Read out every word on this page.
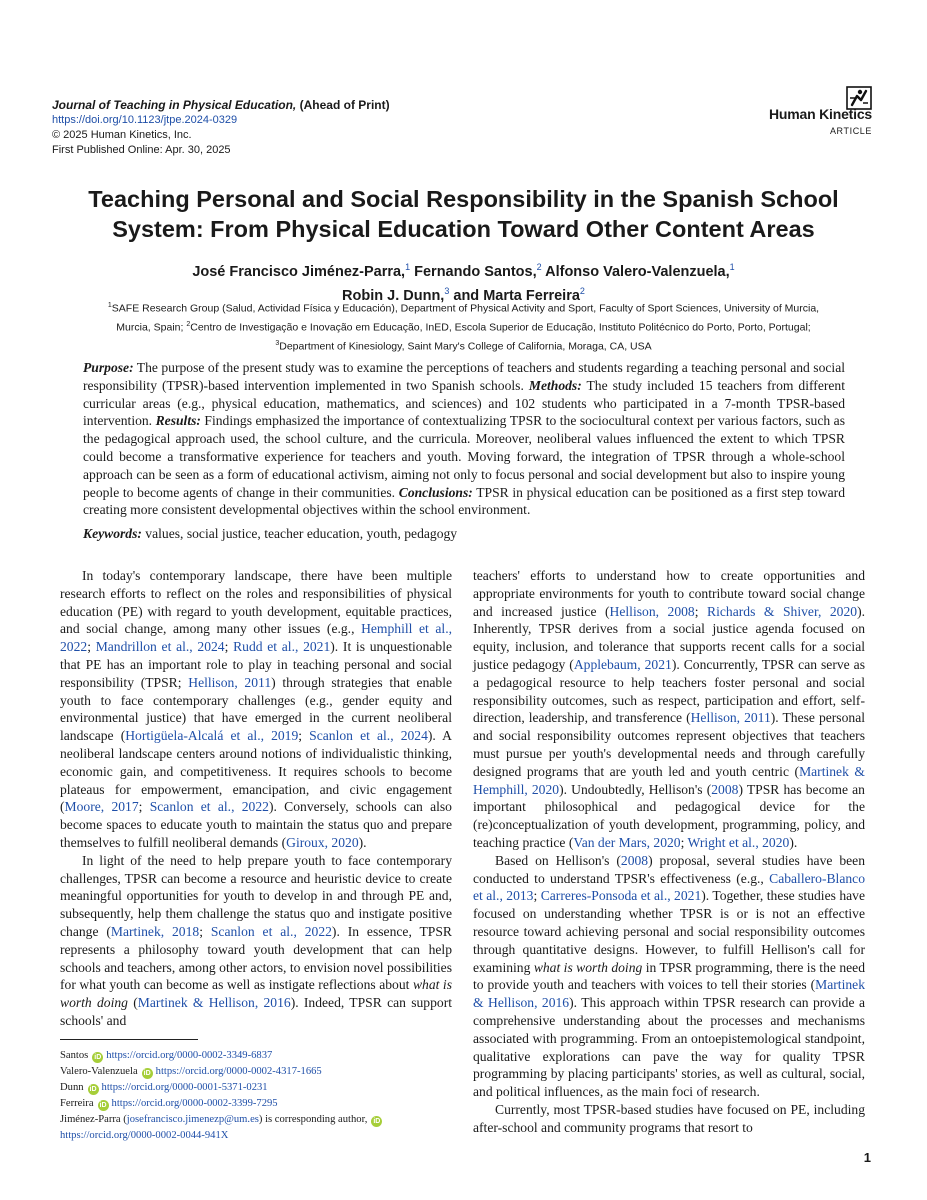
Journal of Teaching in Physical Education, (Ahead of Print)
https://doi.org/10.1123/jtpe.2024-0329
© 2025 Human Kinetics, Inc.
First Published Online: Apr. 30, 2025
Human Kinetics
ARTICLE
Teaching Personal and Social Responsibility in the Spanish School
System: From Physical Education Toward Other Content Areas
José Francisco Jiménez-Parra,$^1$ Fernando Santos,$^2$ Alfonso Valero-Valenzuela,$^1$
Robin J. Dunn,$^3$ and Marta Ferreira$^2$
$^1$SAFE Research Group (Salud, Actividad Física y Educación), Department of Physical Activity and Sport, Faculty of Sport Sciences, University of Murcia, Murcia, Spain; $^2$Centro de Investigação e Inovação em Educação, InED, Escola Superior de Educação, Instituto Politécnico do Porto, Porto, Portugal; $^3$Department of Kinesiology, Saint Mary's College of California, Moraga, CA, USA
Purpose: The purpose of the present study was to examine the perceptions of teachers and students regarding a teaching personal and social responsibility (TPSR)-based intervention implemented in two Spanish schools. Methods: The study included 15 teachers from different curricular areas (e.g., physical education, mathematics, and sciences) and 102 students who participated in a 7-month TPSR-based intervention. Results: Findings emphasized the importance of contextualizing TPSR to the sociocultural context per various factors, such as the pedagogical approach used, the school culture, and the curricula. Moreover, neoliberal values influenced the extent to which TPSR could become a transformative experience for teachers and youth. Moving forward, the integration of TPSR through a whole-school approach can be seen as a form of educational activism, aiming not only to focus personal and social development but also to inspire young people to become agents of change in their communities. Conclusions: TPSR in physical education can be positioned as a first step toward creating more consistent developmental objectives within the school environment.
Keywords: values, social justice, teacher education, youth, pedagogy

In today's contemporary landscape, there have been multiple research efforts to reflect on the roles and responsibilities of physical education (PE) with regard to youth development, equitable practices, and social change, among many other issues (e.g., Hemphill et al., 2022; Mandrillon et al., 2024; Rudd et al., 2021). It is unquestionable that PE has an important role to play in teaching personal and social responsibility (TPSR; Hellison, 2011) through strategies that enable youth to face contemporary challenges (e.g., gender equity and environmental justice) that have emerged in the current neoliberal landscape (Hortigüela-Alcalá et al., 2019; Scanlon et al., 2024). A neoliberal landscape centers around notions of individualistic thinking, economic gain, and competitiveness. It requires schools to become plateaus for empowerment, emancipation, and civic engagement (Moore, 2017; Scanlon et al., 2022). Conversely, schools can also become spaces to educate youth to maintain the status quo and prepare themselves to fulfill neoliberal demands (Giroux, 2020).

In light of the need to help prepare youth to face contemporary challenges, TPSR can become a resource and heuristic device to create meaningful opportunities for youth to develop in and through PE and, subsequently, help them challenge the status quo and instigate positive change (Martinek, 2018; Scanlon et al., 2022). In essence, TPSR represents a philosophy toward youth development that can help schools and teachers, among other actors, to envision novel possibilities for what youth can become as well as instigate reflections about what is worth doing (Martinek & Hellison, 2016). Indeed, TPSR can support schools' and

teachers' efforts to understand how to create opportunities and appropriate environments for youth to contribute toward social change and increased justice (Hellison, 2008; Richards & Shiver, 2020). Inherently, TPSR derives from a social justice agenda focused on equity, inclusion, and tolerance that supports recent calls for a social justice pedagogy (Applebaum, 2021). Concurrently, TPSR can serve as a pedagogical resource to help teachers foster personal and social responsibility outcomes, such as respect, participation and effort, self-direction, leadership, and transference (Hellison, 2011). These personal and social responsibility outcomes represent objectives that teachers must pursue per youth's developmental needs and through carefully designed programs that are youth led and youth centric (Martinek & Hemphill, 2020). Undoubtedly, Hellison's (2008) TPSR has become an important philosophical and pedagogical device for the (re)conceptualization of youth development, programming, policy, and teaching practice (Van der Mars, 2020; Wright et al., 2020).

Based on Hellison's (2008) proposal, several studies have been conducted to understand TPSR's effectiveness (e.g., Caballero-Blanco et al., 2013; Carreres-Ponsoda et al., 2021). Together, these studies have focused on understanding whether TPSR is or is not an effective resource toward achieving personal and social responsibility outcomes through quantitative designs. However, to fulfill Hellison's call for examining what is worth doing in TPSR programming, there is the need to provide youth and teachers with voices to tell their stories (Martinek & Hellison, 2016). This approach within TPSR research can provide a comprehensive understanding about the processes and mechanisms associated with programming. From an ontoepistemological standpoint, qualitative explorations can pave the way for quality TPSR programming by placing participants' stories, as well as cultural, social, and political influences, as the main foci of research.

Currently, most TPSR-based studies have focused on PE, including after-school and community programs that resort to

Santos iD https://orcid.org/0000-0002-3349-6837
Valero-Valenzuela iD https://orcid.org/0000-0002-4317-1665
Dunn iD https://orcid.org/0000-0001-5371-0231
Ferreira iD https://orcid.org/0000-0002-3399-7295
Jiménez-Parra (josefrancisco.jimenezp@um.es) is corresponding author, iDhttps://orcid.org/0000-0002-0044-941X
1
